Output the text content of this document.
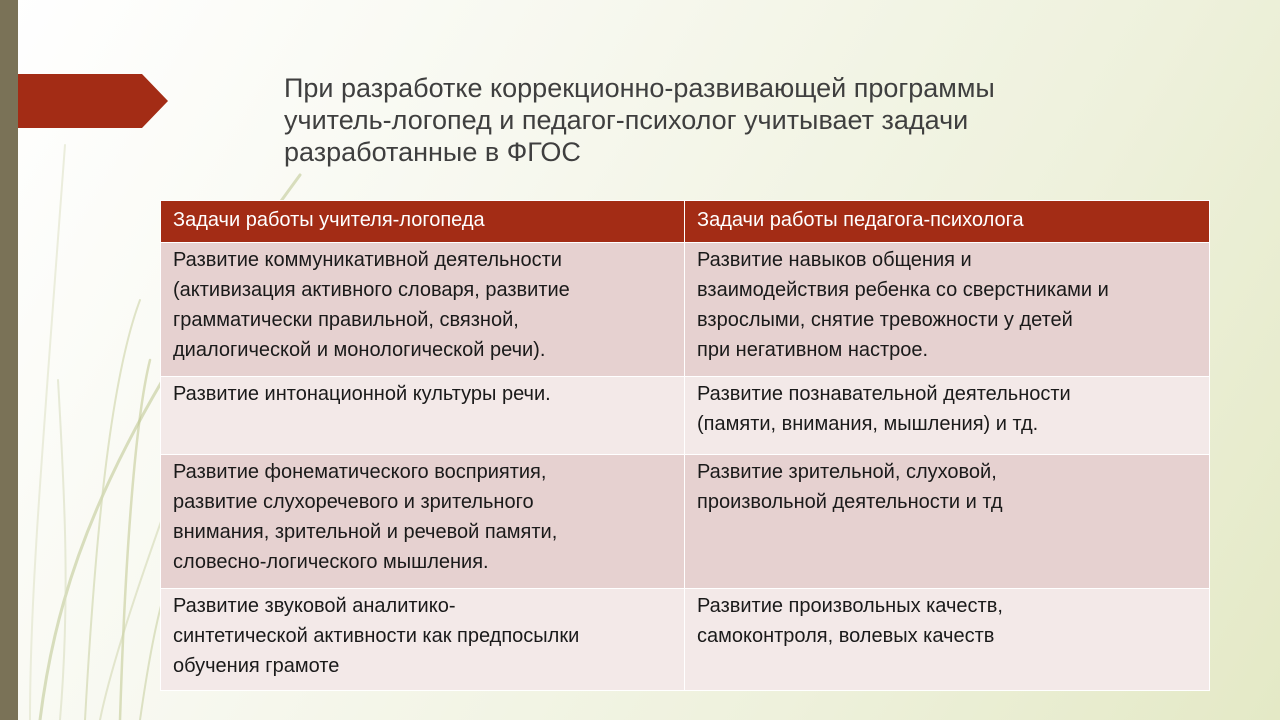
При разработке коррекционно-развивающей программы
учитель-логопед и педагог-психолог учитывает задачи
разработанные в ФГОС
Задачи работы учителя-логопеда	Задачи работы педагога-психолога

Развитие коммуникативной деятельности
(активизация активного словаря, развитие
грамматически правильной, связной,
диалогической и монологической речи).	Развитие навыков общения и
взаимодействия ребенка со сверстниками и
взрослыми, снятие тревожности у детей
при негативном настрое.

Развитие интонационной культуры речи.	Развитие познавательной деятельности
(памяти, внимания, мышления) и тд.

Развитие фонематического восприятия,
развитие слухоречевого и зрительного
внимания, зрительной и речевой памяти,
словесно-логического мышления.	Развитие зрительной, слуховой,
произвольной деятельности и тд

Развитие звуковой аналитико-
синтетической активности как предпосылки
обучения грамоте	Развитие произвольных качеств,
самоконтроля, волевых качеств
